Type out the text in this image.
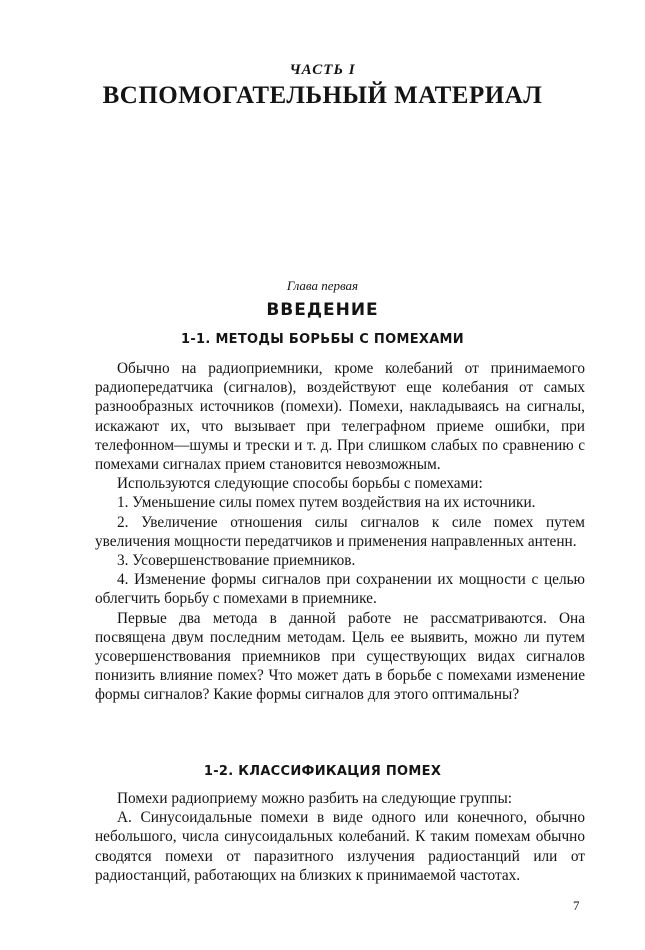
ЧАСТЬ I
ВСПОМОГАТЕЛЬНЫЙ МАТЕРИАЛ
Глава первая
ВВЕДЕНИЕ
1-1. МЕТОДЫ БОРЬБЫ С ПОМЕХАМИ

Обычно на радиоприемники, кроме колебаний от принимаемого радиопередатчика (сигналов), воздействуют еще колебания от самых разнообразных источников (помехи). Помехи, накладываясь на сигналы, искажают их, что вызывает при телеграфном приеме ошибки, при телефонном—шумы и трески и т. д. При слишком слабых по сравнению с помехами сигналах прием становится невозможным.

Используются следующие способы борьбы с помехами:

1. Уменьшение силы помех путем воздействия на их источники.

2. Увеличение отношения силы сигналов к силе помех путем увеличения мощности передатчиков и применения направленных антенн.

3. Усовершенствование приемников.

4. Изменение формы сигналов при сохранении их мощности с целью облегчить борьбу с помехами в приемнике.

Первые два метода в данной работе не рассматриваются. Она посвящена двум последним методам. Цель ее выявить, можно ли путем усовершенствования приемников при существующих видах сигналов понизить влияние помех? Что может дать в борьбе с помехами изменение формы сигналов? Какие формы сигналов для этого оптимальны?

1-2. КЛАССИФИКАЦИЯ ПОМЕХ

Помехи радиоприему можно разбить на следующие группы:

А. Синусоидальные помехи в виде одного или конечного, обычно небольшого, числа синусоидальных колебаний. К таким помехам обычно сводятся помехи от паразитного излучения радиостанций или от радиостанций, работающих на близких к принимаемой частотах.

7
